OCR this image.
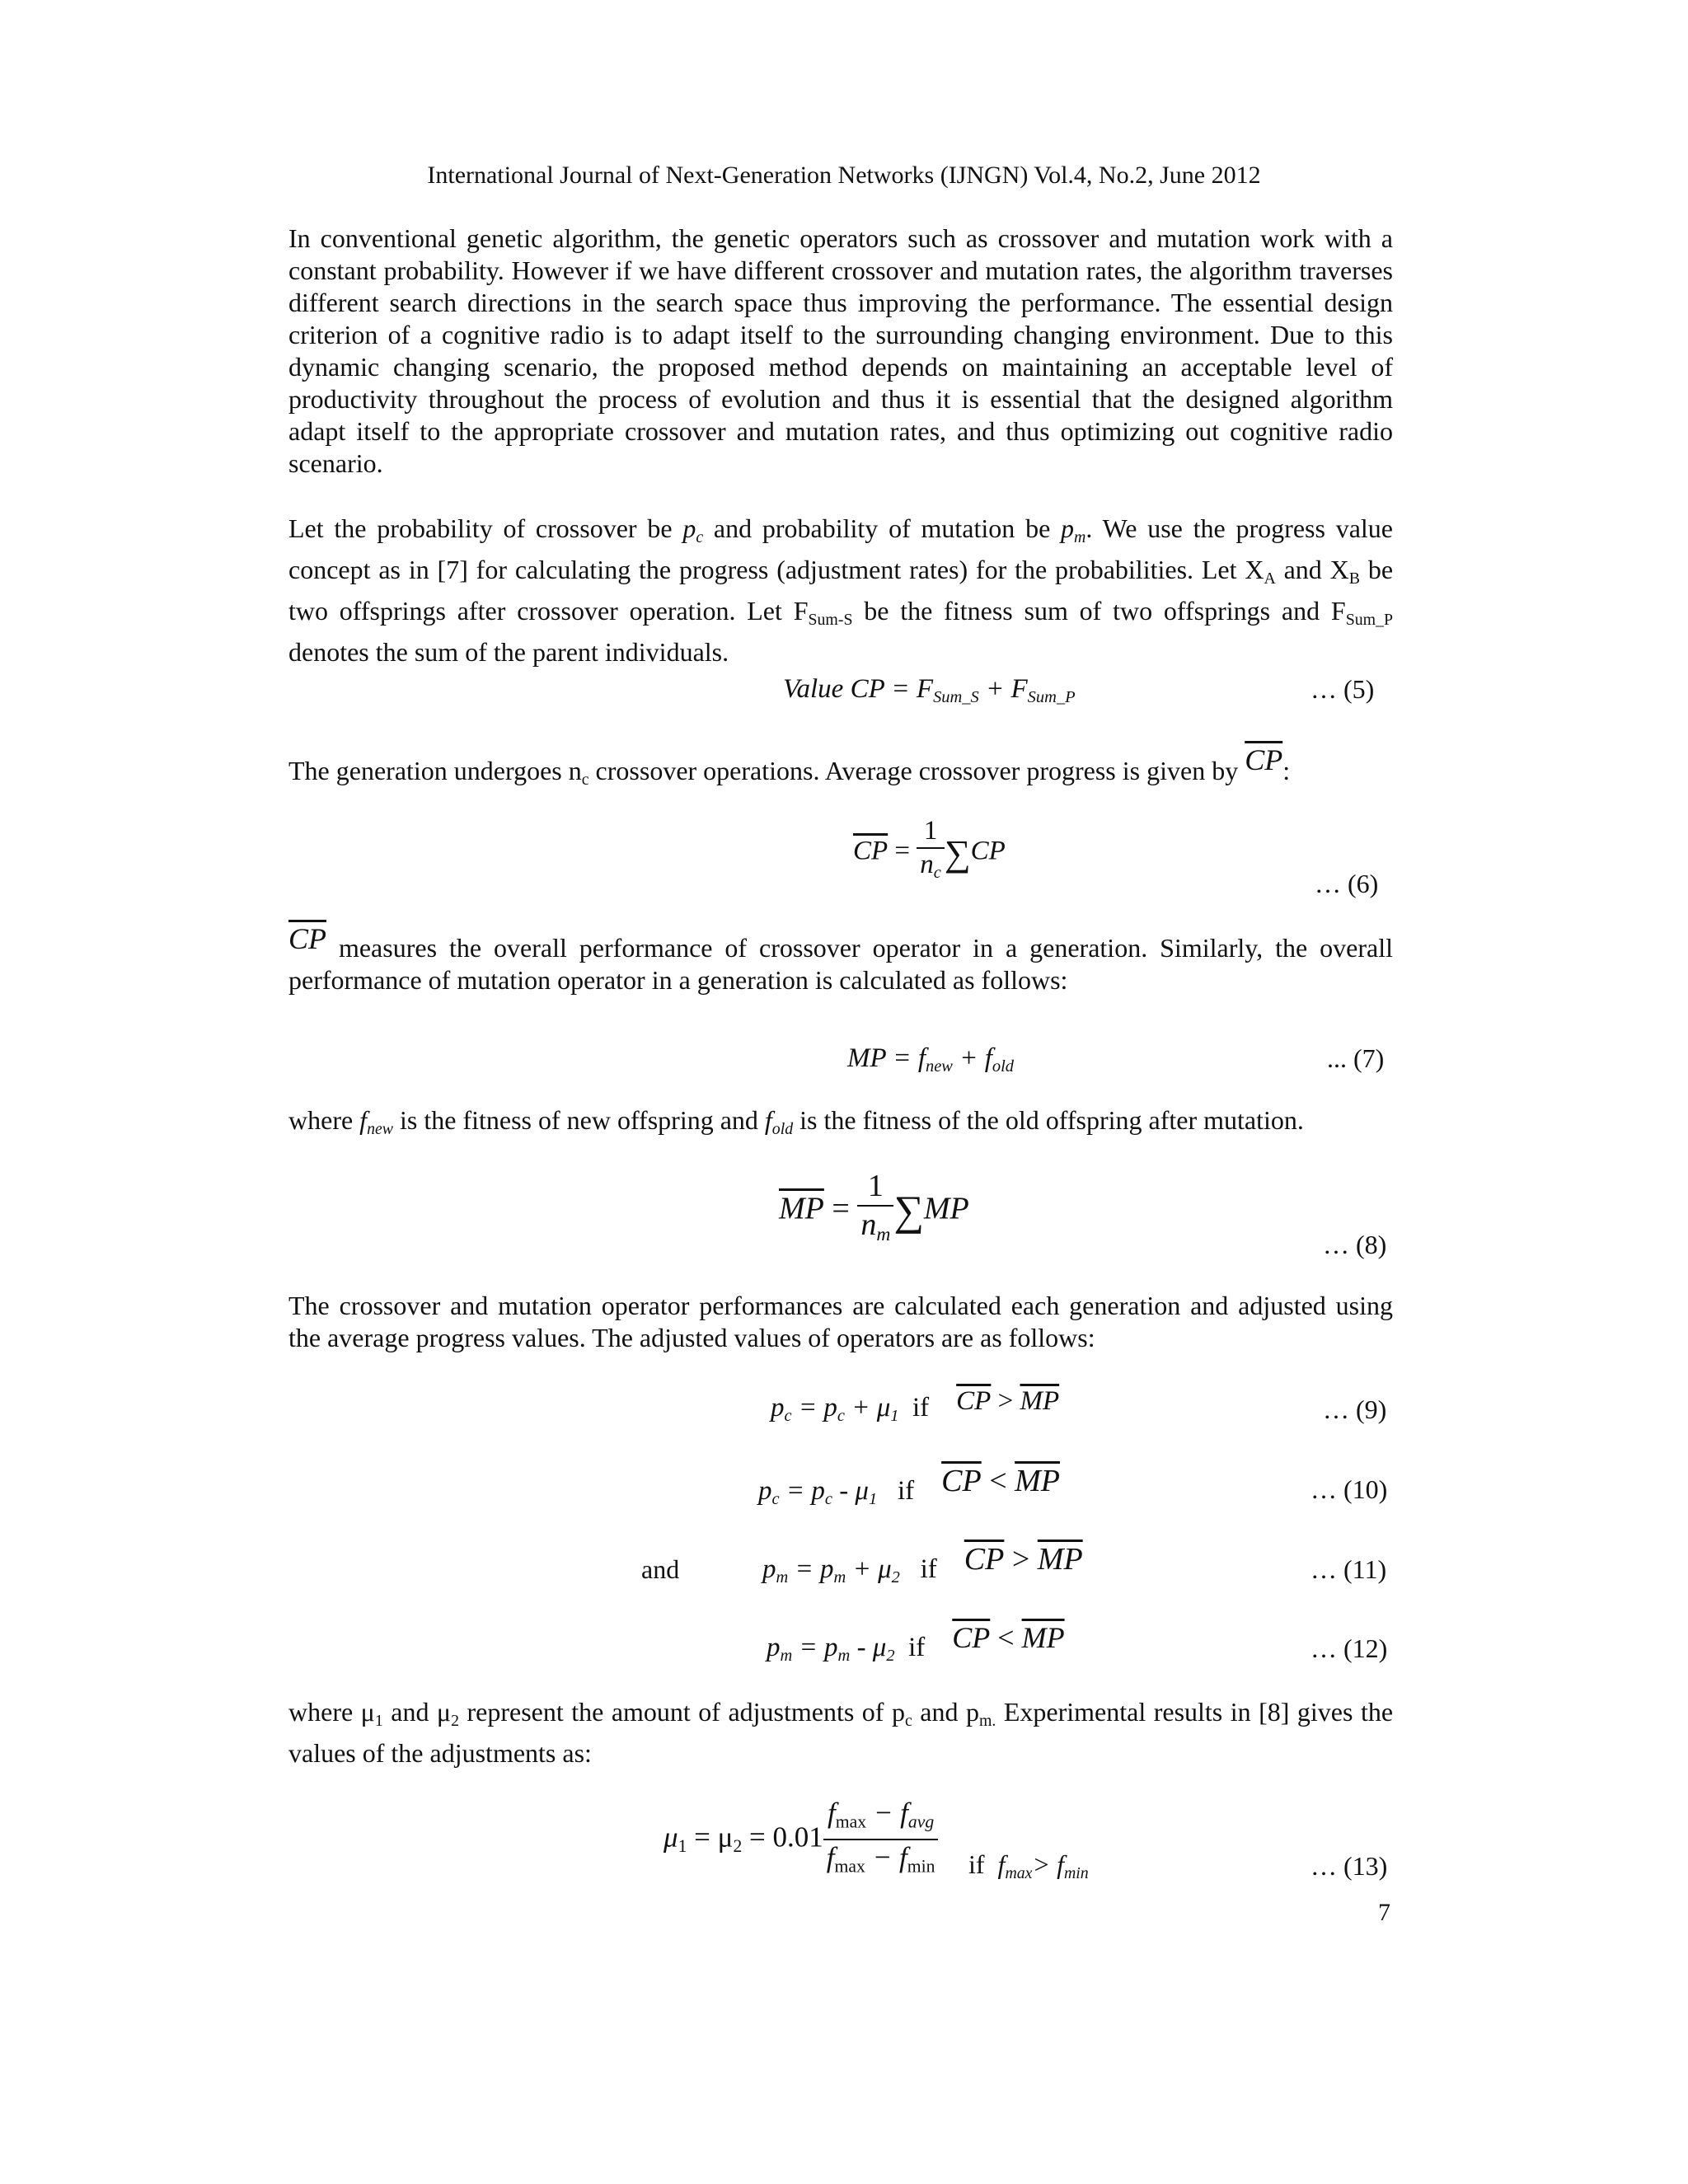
International Journal of Next-Generation Networks (IJNGN) Vol.4, No.2, June 2012

In conventional genetic algorithm, the genetic operators such as crossover and mutation work with a constant probability. However if we have different crossover and mutation rates, the algorithm traverses different search directions in the search space thus improving the performance. The essential design criterion of a cognitive radio is to adapt itself to the surrounding changing environment. Due to this dynamic changing scenario, the proposed method depends on maintaining an acceptable level of productivity throughout the process of evolution and thus it is essential that the designed algorithm adapt itself to the appropriate crossover and mutation rates, and thus optimizing out cognitive radio scenario.

Let the probability of crossover be $p_c$ and probability of mutation be $p_m$. We use the progress value concept as in [7] for calculating the progress (adjustment rates) for the probabilities. Let $X_A$ and $X_B$ be two offsprings after crossover operation. Let $F_{Sum-S}$ be the fitness sum of two offsprings and $F_{Sum\_P}$ denotes the sum of the parent individuals.

Value CP = $F_{Sum\_S} + F_{Sum\_P}$	… (5)

The generation undergoes $n_c$ crossover operations. Average crossover progress is given by $\overline{CP}$:

$\overline{CP} = \frac{1}{n_c} \sum CP$
… (6)

$\overline{CP}$ measures the overall performance of crossover operator in a generation. Similarly, the overall performance of mutation operator in a generation is calculated as follows:

MP = $f_{new} + f_{old}$	... (7)

where $f_{new}$ is the fitness of new offspring and $f_{old}$ is the fitness of the old offspring after mutation.

$\overline{MP} = \frac{1}{n_m} \sum MP$
… (8)

The crossover and mutation operator performances are calculated each generation and adjusted using the average progress values. The adjusted values of operators are as follows:

$p_c = p_c + \mu_1$ if $\overline{CP} > \overline{MP}$	… (9)
$p_c = p_c - \mu_1$ if $\overline{CP} < \overline{MP}$	… (10)
and	$p_m = p_m + \mu_2$ if $\overline{CP} > \overline{MP}$	… (11)
$p_m = p_m - \mu_2$ if $\overline{CP} < \overline{MP}$	… (12)

where $\mu_1$ and $\mu_2$ represent the amount of adjustments of $p_c$ and $p_{m.}$ Experimental results in [8] gives the values of the adjustments as:

$\mu_1 = \mu_2 = 0.01 \frac{f_{max} - f_{avg}}{f_{max} - f_{min}}$ if $f_{max}> f_{min}$	… (13)
7
